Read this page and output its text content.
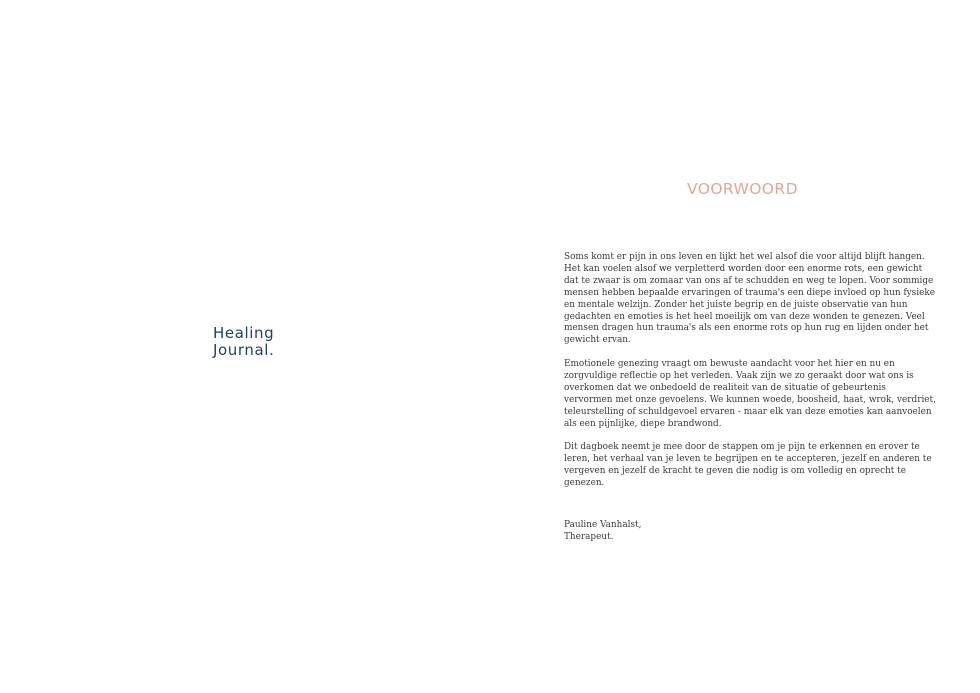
Healing
Journal.
VOORWOORD

Soms komt er pijn in ons leven en lijkt het wel alsof die voor altijd blijft hangen. Het kan voelen alsof we verpletterd worden door een enorme rots, een gewicht dat te zwaar is om zomaar van ons af te schudden en weg te lopen. Voor sommige mensen hebben bepaalde ervaringen of trauma's een diepe invloed op hun fysieke en mentale welzijn. Zonder het juiste begrip en de juiste observatie van hun gedachten en emoties is het heel moeilijk om van deze wonden te genezen. Veel mensen dragen hun trauma's als een enorme rots op hun rug en lijden onder het gewicht ervan.

Emotionele genezing vraagt om bewuste aandacht voor het hier en nu en zorgvuldige reflectie op het verleden. Vaak zijn we zo geraakt door wat ons is overkomen dat we onbedoeld de realiteit van de situatie of gebeurtenis vervormen met onze gevoelens. We kunnen woede, boosheid, haat, wrok, verdriet, teleurstelling of schuldgevoel ervaren - maar elk van deze emoties kan aanvoelen als een pijnlijke, diepe brandwond.

Dit dagboek neemt je mee door de stappen om je pijn te erkennen en erover te leren, het verhaal van je leven te begrijpen en te accepteren, jezelf en anderen te vergeven en jezelf de kracht te geven die nodig is om volledig en oprecht te genezen.

Pauline Vanhalst,
Therapeut.
